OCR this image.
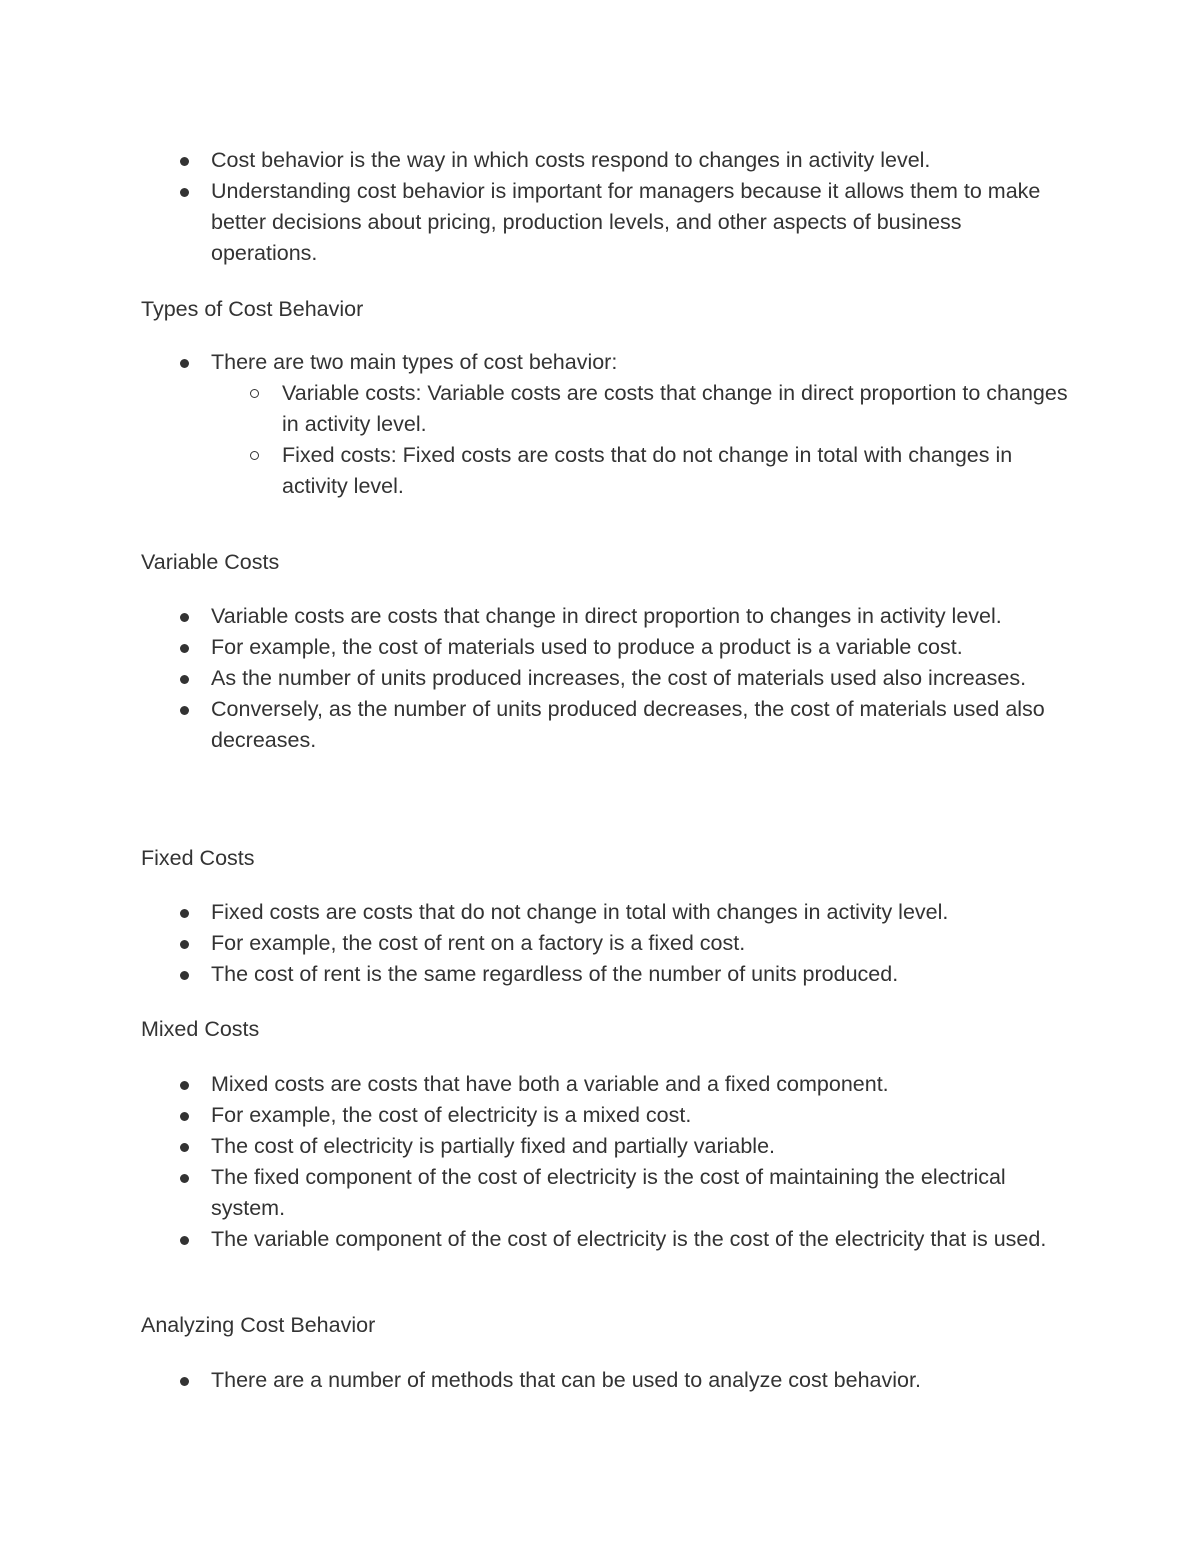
Cost behavior is the way in which costs respond to changes in activity level.
Understanding cost behavior is important for managers because it allows them to make better decisions about pricing, production levels, and other aspects of business operations.
Types of Cost Behavior
There are two main types of cost behavior:
Variable costs: Variable costs are costs that change in direct proportion to changes in activity level.
Fixed costs: Fixed costs are costs that do not change in total with changes in activity level.
Variable Costs
Variable costs are costs that change in direct proportion to changes in activity level.
For example, the cost of materials used to produce a product is a variable cost.
As the number of units produced increases, the cost of materials used also increases.
Conversely, as the number of units produced decreases, the cost of materials used also decreases.
Fixed Costs
Fixed costs are costs that do not change in total with changes in activity level.
For example, the cost of rent on a factory is a fixed cost.
The cost of rent is the same regardless of the number of units produced.
Mixed Costs
Mixed costs are costs that have both a variable and a fixed component.
For example, the cost of electricity is a mixed cost.
The cost of electricity is partially fixed and partially variable.
The fixed component of the cost of electricity is the cost of maintaining the electrical system.
The variable component of the cost of electricity is the cost of the electricity that is used.
Analyzing Cost Behavior
There are a number of methods that can be used to analyze cost behavior.
